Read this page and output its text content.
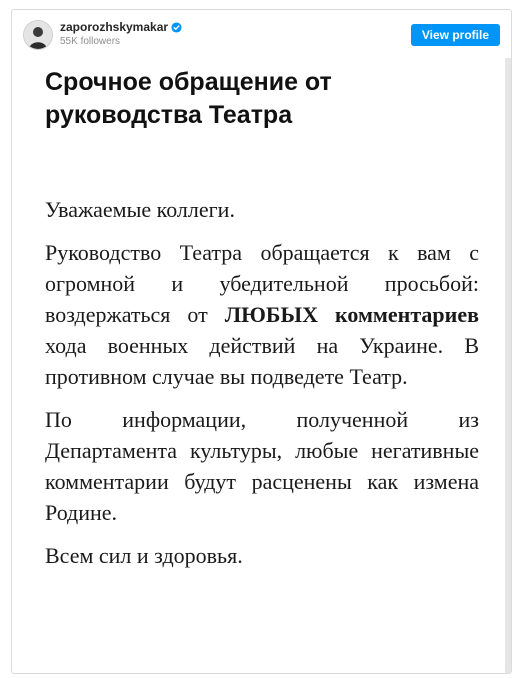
zaporozhskymakar
55K followers	View profile
Срочное обращение от руководства Театра

Уважаемые коллеги.

Руководство Театра обращается к вам с огромной и убедительной просьбой: воздержаться от ЛЮБЫХ комментариев хода военных действий на Украине. В противном случае вы подведете Театр.

По информации, полученной из Департамента культуры, любые негативные комментарии будут расценены как измена Родине.

Всем сил и здоровья.
